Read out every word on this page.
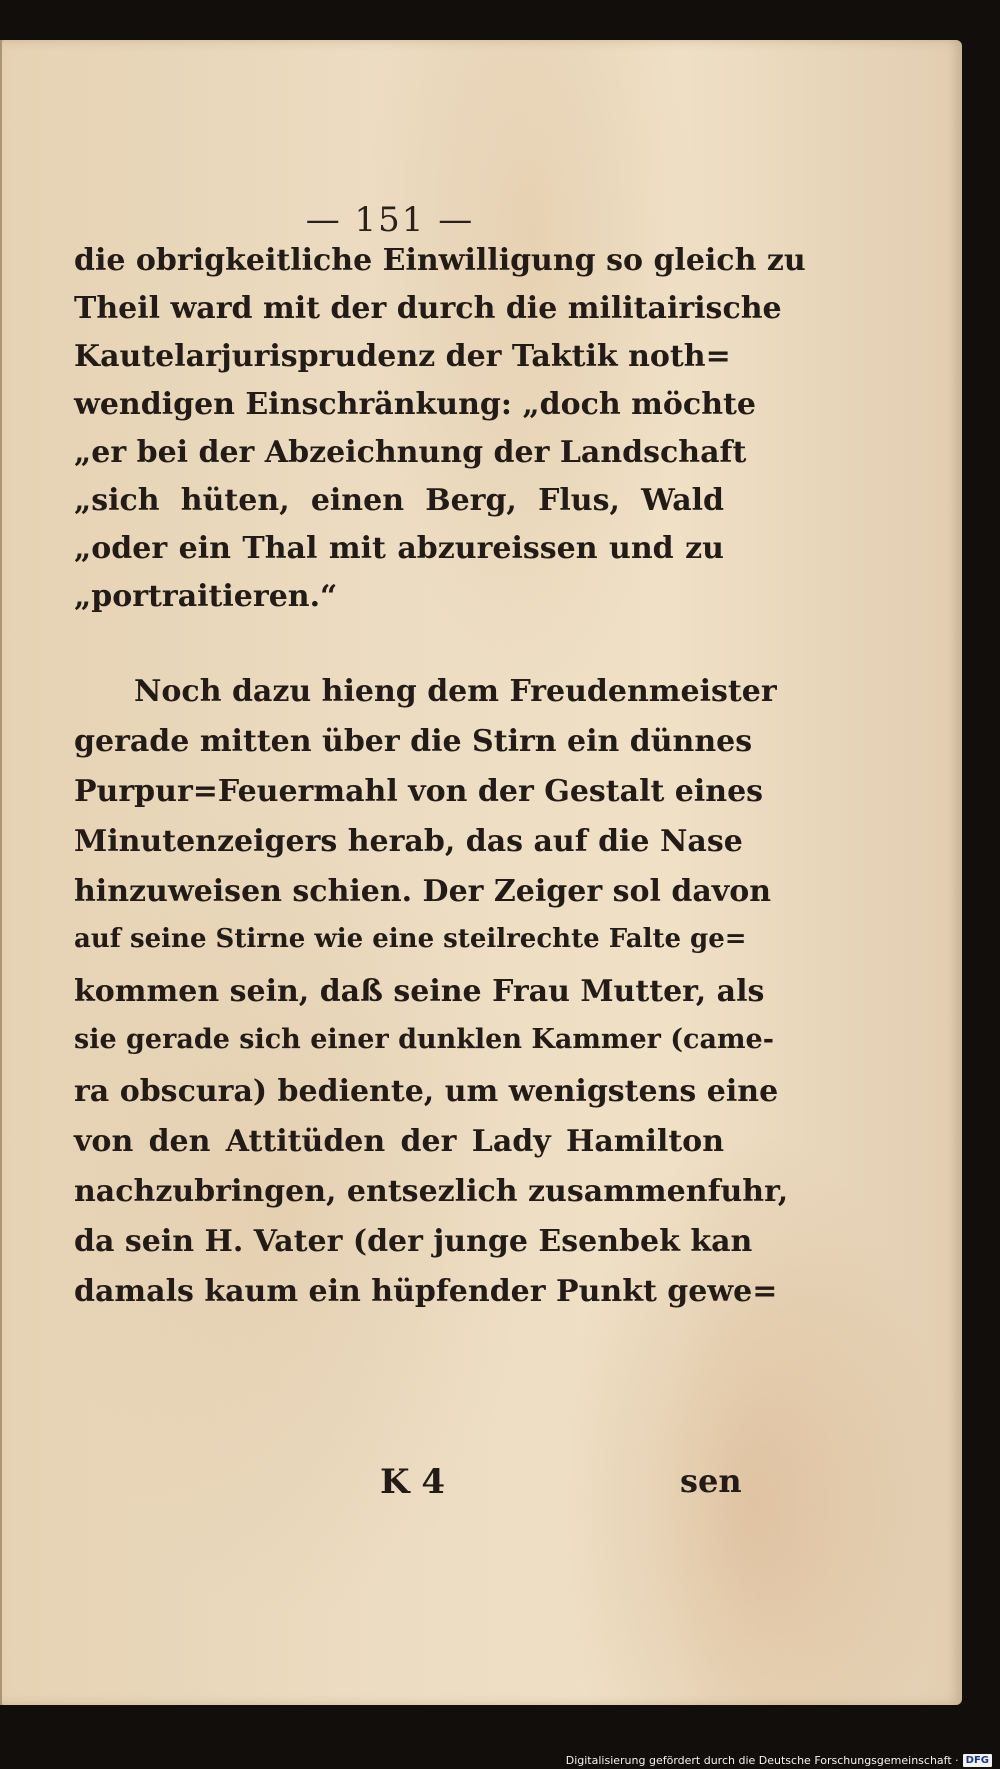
— 151 —
die obrigkeitliche Einwilligung so gleich zu
Theil ward mit der durch die militairische
Kautelarjurisprudenz der Taktik noth=
wendigen Einschränkung: „doch möchte
„er bei der Abzeichnung der Landschaft
„sich hüten, einen Berg, Flus, Wald
„oder ein Thal mit abzureissen und zu
„portraitieren.“
Noch dazu hieng dem Freudenmeister
gerade mitten über die Stirn ein dünnes
Purpur=Feuermahl von der Gestalt eines
Minutenzeigers herab, das auf die Nase
hinzuweisen schien. Der Zeiger sol davon
auf seine Stirne wie eine steilrechte Falte ge=
kommen sein, daß seine Frau Mutter, als
sie gerade sich einer dunklen Kammer (came-
ra obscura) bediente, um wenigstens eine
von den Attitüden der Lady Hamilton
nachzubringen, entsezlich zusammenfuhr,
da sein H. Vater (der junge Esenbek kan
damals kaum ein hüpfender Punkt gewe=
K 4	sen
Digitalisierung gefördert durch die Deutsche Forschungsgemeinschaft · DFG
